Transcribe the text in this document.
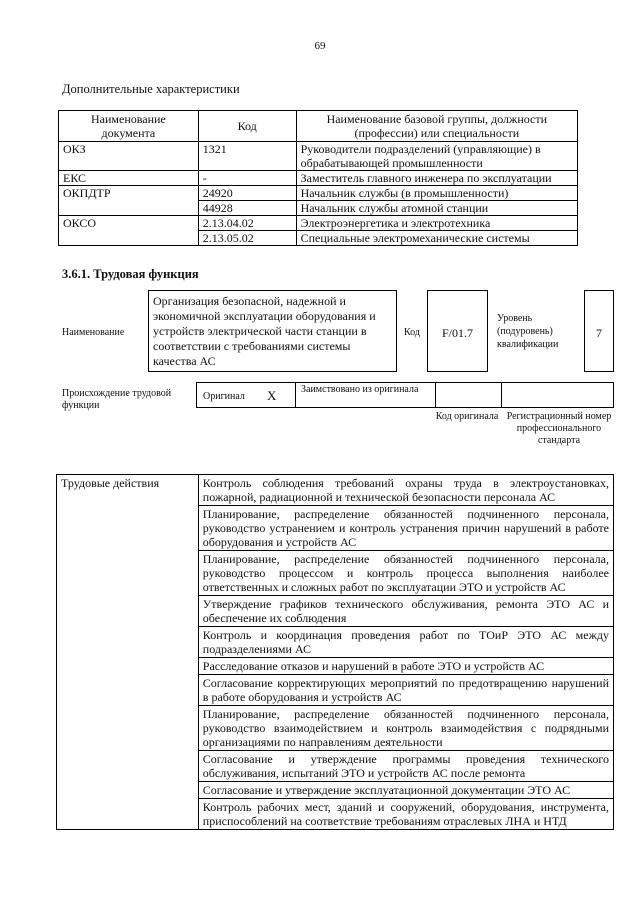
69
Дополнительные характеристики
Наименование документа	Код	Наименование базовой группы, должности (профессии) или специальности
ОКЗ	1321	Руководители подразделений (управляющие) в обрабатывающей промышленности
ЕКС	-	Заместитель главного инженера по эксплуатации
ОКПДТР	24920	Начальник службы (в промышленности)
	44928	Начальник службы атомной станции
ОКСО	2.13.04.02	Электроэнергетика и электротехника
	2.13.05.02	Специальные электромеханические системы
3.6.1. Трудовая функция
Наименование
Организация безопасной, надежной и экономичной эксплуатации оборудования и устройств электрической части станции в соответствии с требованиями системы качества АС
Код	F/01.7
Уровень (подуровень) квалификации
7
Происхождение трудовой функции
Оригинал X Заимствовано из оригинала
Код оригинала Регистрационный номер профессионального стандарта
Трудовые действия	Контроль соблюдения требований охраны труда в электроустановках, пожарной, радиационной и технической безопасности персонала АС
Планирование, распределение обязанностей подчиненного персонала, руководство устранением и контроль устранения причин нарушений в работе оборудования и устройств АС
Планирование, распределение обязанностей подчиненного персонала, руководство процессом и контроль процесса выполнения наиболее ответственных и сложных работ по эксплуатации ЭТО и устройств АС
Утверждение графиков технического обслуживания, ремонта ЭТО АС и обеспечение их соблюдения
Контроль и координация проведения работ по ТОиР ЭТО АС между подразделениями АС
Расследование отказов и нарушений в работе ЭТО и устройств АС
Согласование корректирующих мероприятий по предотвращению нарушений в работе оборудования и устройств АС
Планирование, распределение обязанностей подчиненного персонала, руководство взаимодействием и контроль взаимодействия с подрядными организациями по направлениям деятельности
Согласование и утверждение программы проведения технического обслуживания, испытаний ЭТО и устройств АС после ремонта
Согласование и утверждение эксплуатационной документации ЭТО АС
Контроль рабочих мест, зданий и сооружений, оборудования, инструмента, приспособлений на соответствие требованиям отраслевых ЛНА и НТД
